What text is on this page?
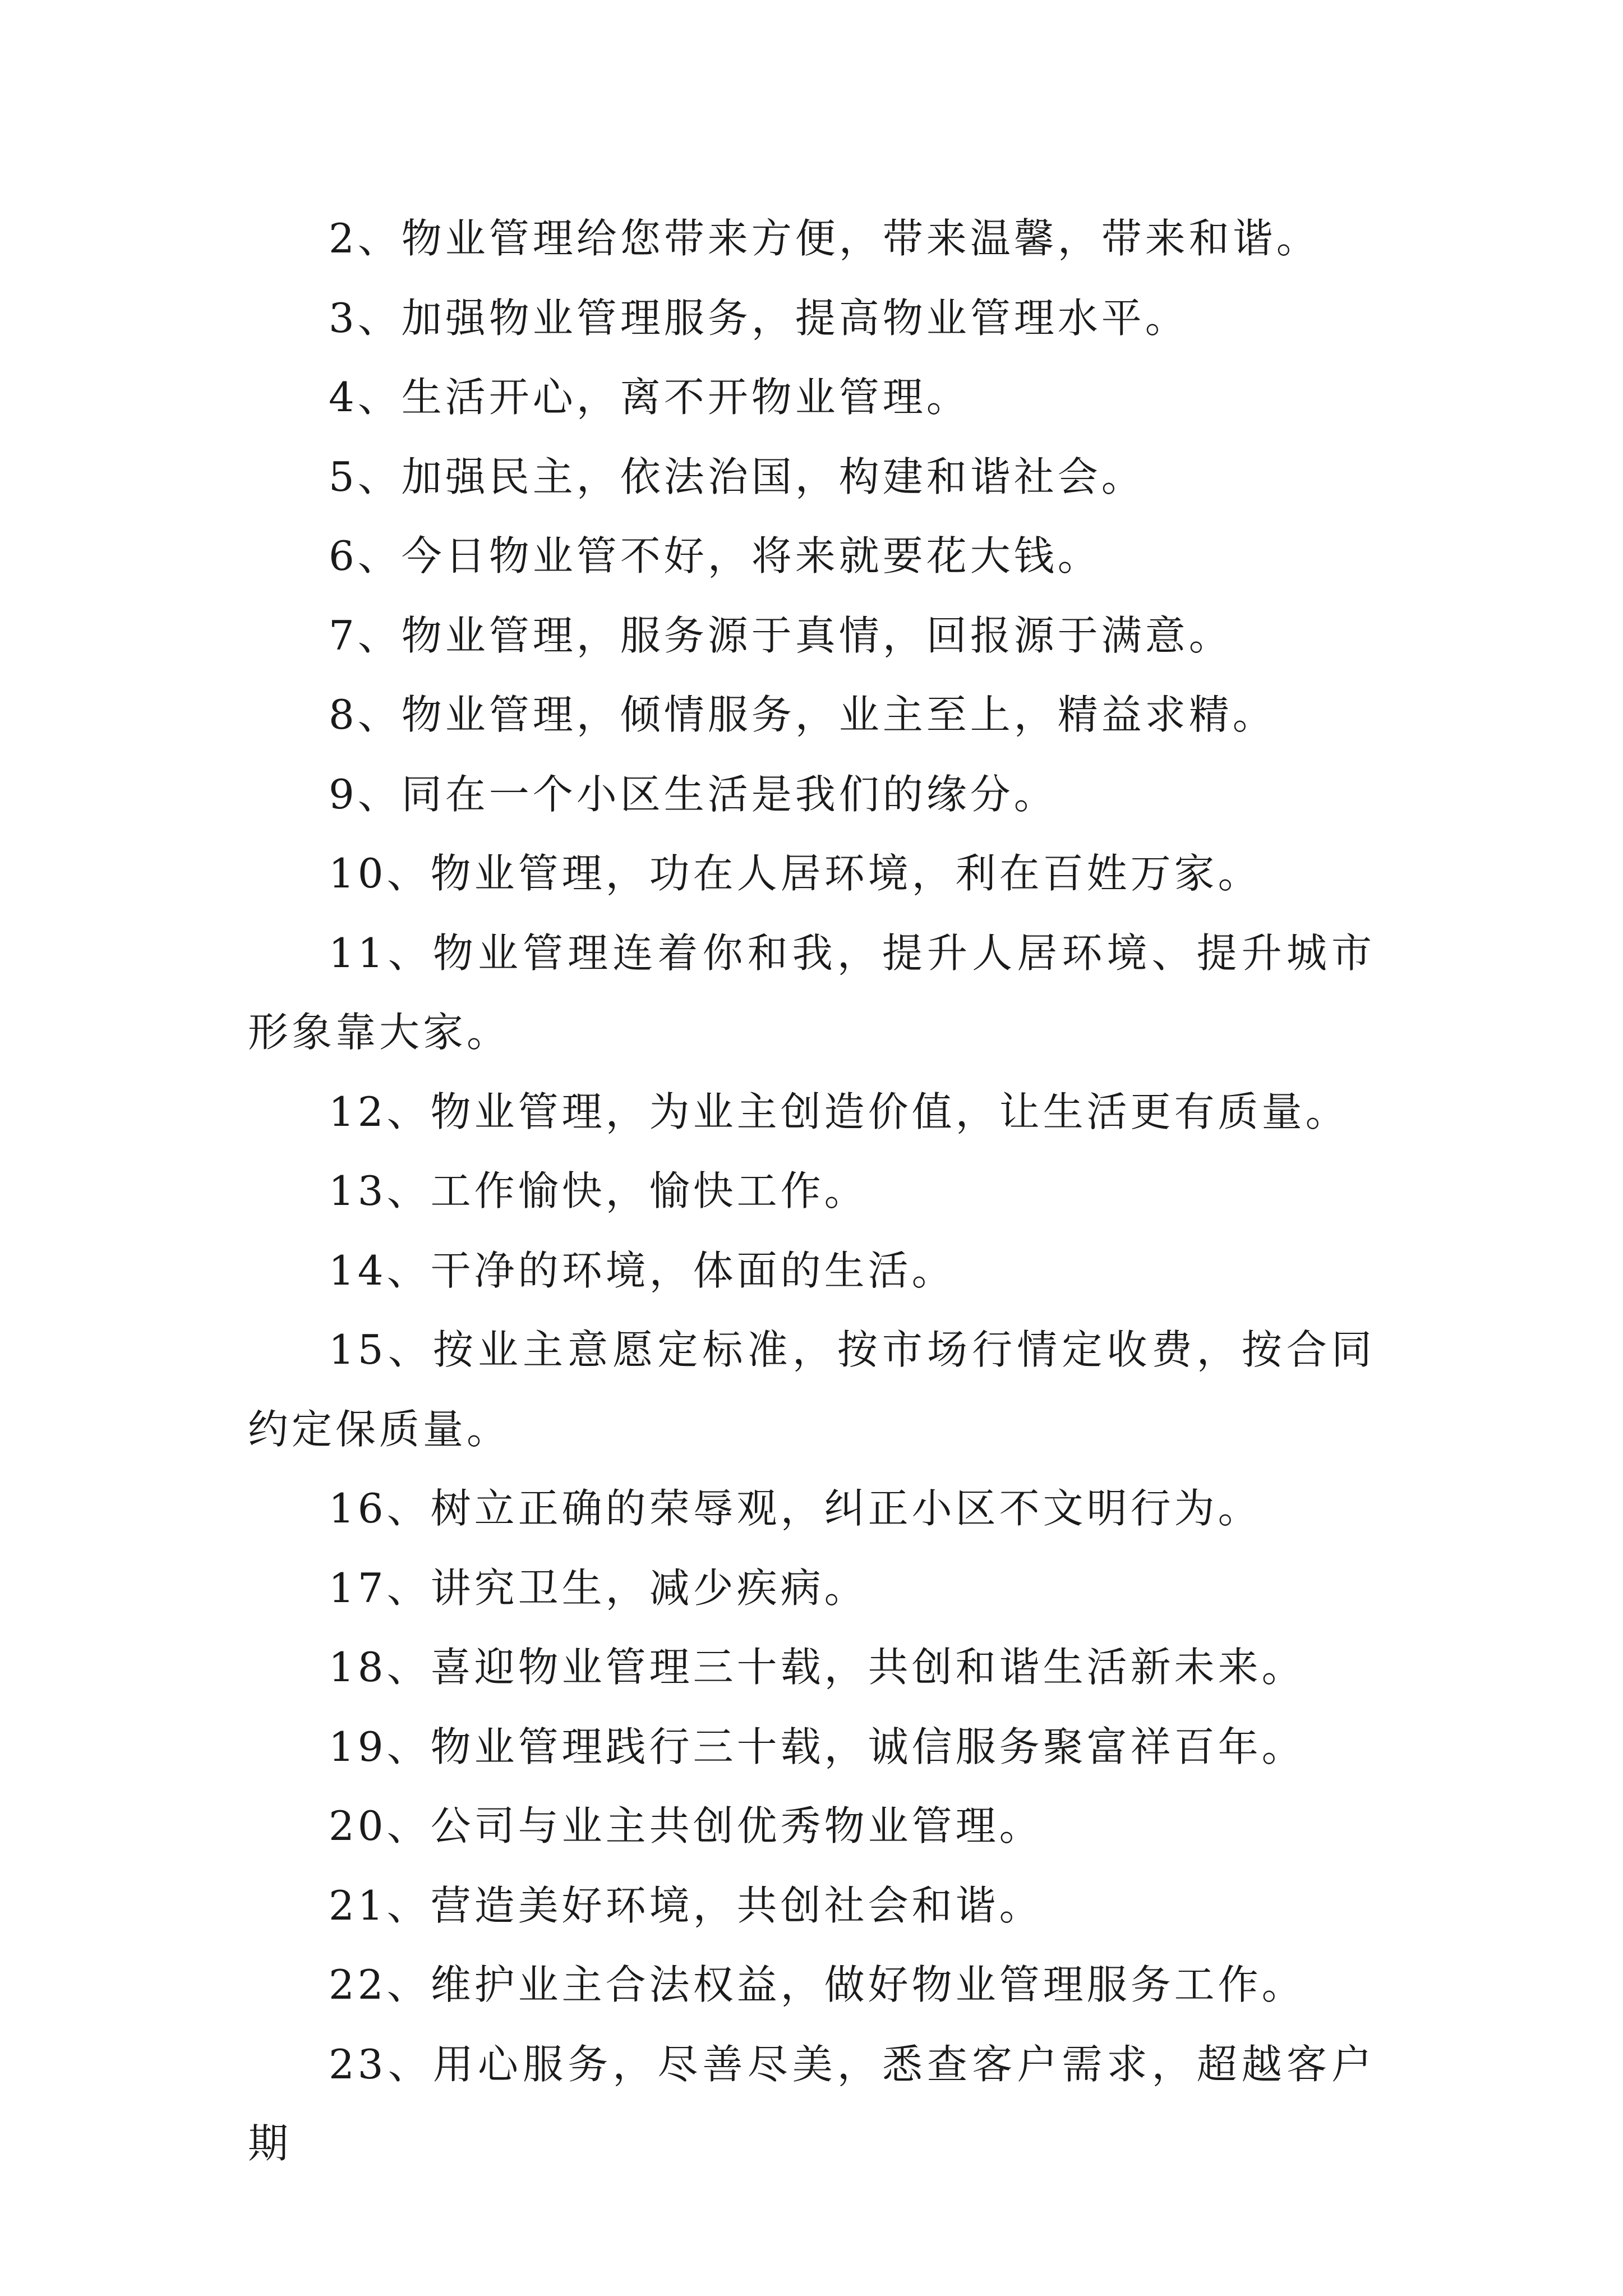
2、物业管理给您带来方便，带来温馨，带来和谐。
3、加强物业管理服务，提高物业管理水平。
4、生活开心，离不开物业管理。
5、加强民主，依法治国，构建和谐社会。
6、今日物业管不好，将来就要花大钱。
7、物业管理，服务源于真情，回报源于满意。
8、物业管理，倾情服务，业主至上，精益求精。
9、同在一个小区生活是我们的缘分。
10、物业管理，功在人居环境，利在百姓万家。
11、物业管理连着你和我，提升人居环境、提升城市形象靠大家。
12、物业管理，为业主创造价值，让生活更有质量。
13、工作愉快，愉快工作。
14、干净的环境，体面的生活。
15、按业主意愿定标准，按市场行情定收费，按合同约定保质量。
16、树立正确的荣辱观，纠正小区不文明行为。
17、讲究卫生，减少疾病。
18、喜迎物业管理三十载，共创和谐生活新未来。
19、物业管理践行三十载，诚信服务聚富祥百年。
20、公司与业主共创优秀物业管理。
21、营造美好环境，共创社会和谐。
22、维护业主合法权益，做好物业管理服务工作。
23、用心服务，尽善尽美，悉查客户需求，超越客户期
